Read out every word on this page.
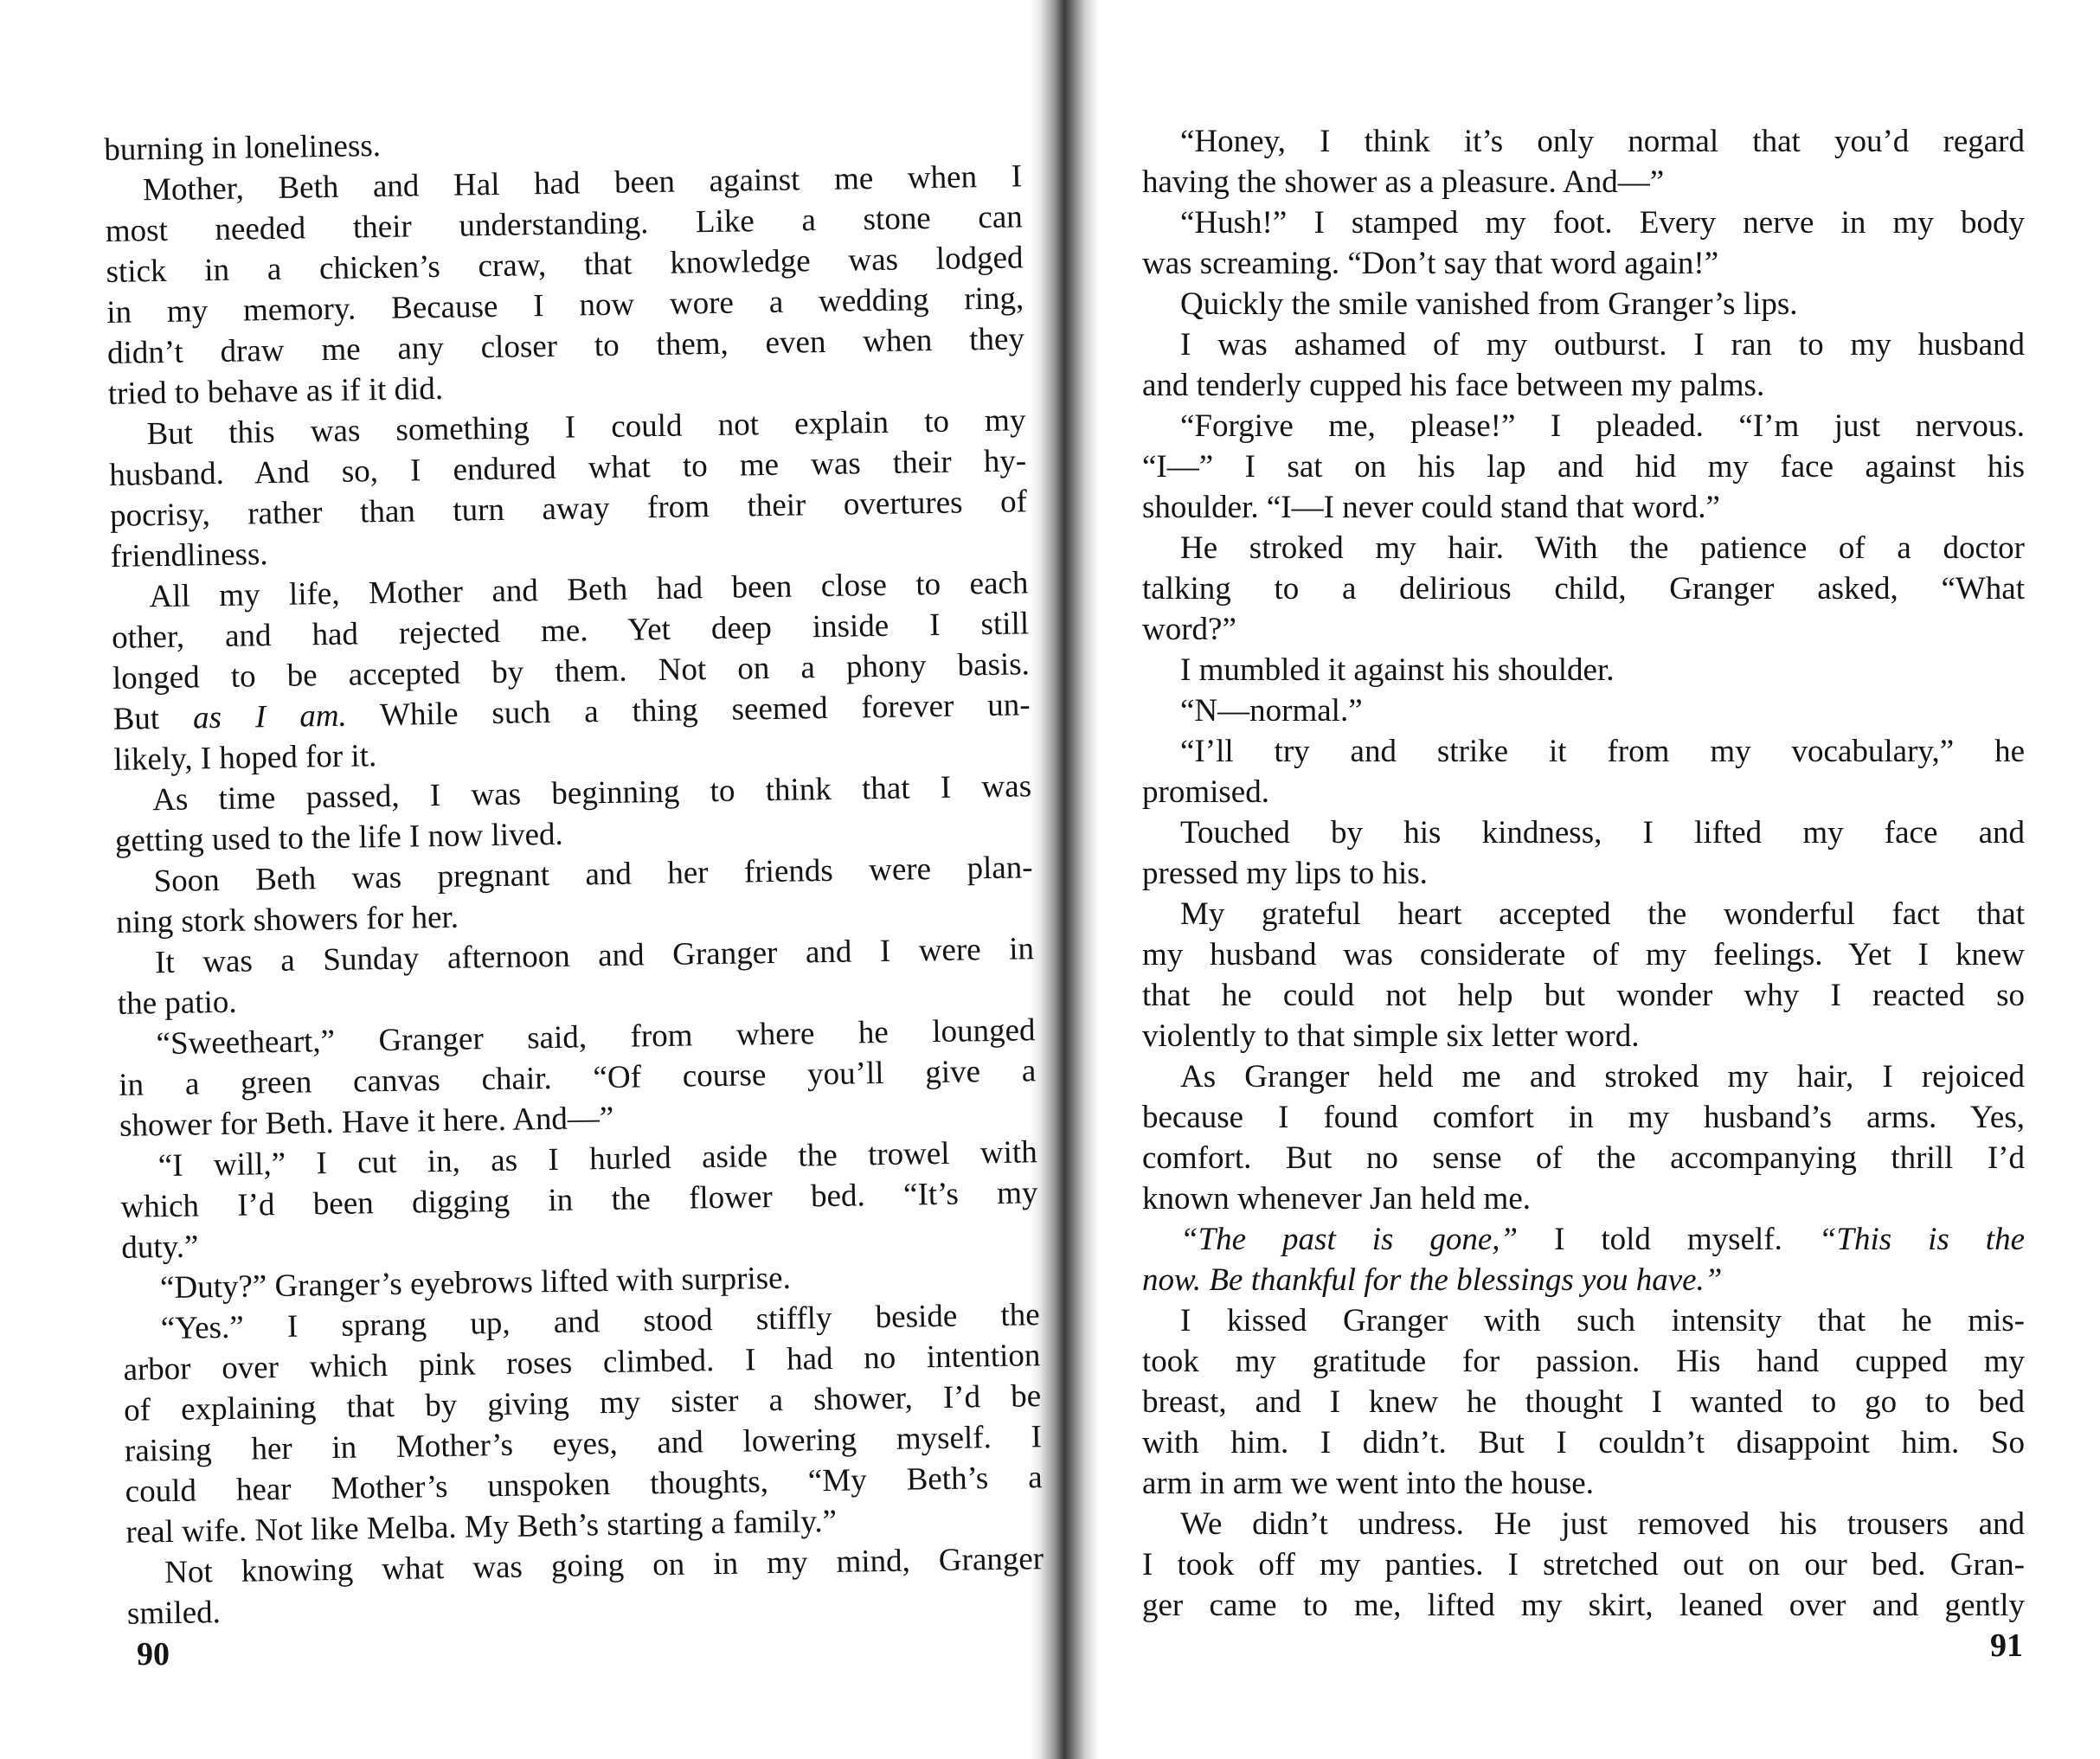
burning in loneliness.
Mother, Beth and Hal had been against me when I
most needed their understanding. Like a stone can
stick in a chicken’s craw, that knowledge was lodged
in my memory. Because I now wore a wedding ring,
didn’t draw me any closer to them, even when they
tried to behave as if it did.
But this was something I could not explain to my
husband. And so, I endured what to me was their hy-
pocrisy, rather than turn away from their overtures of
friendliness.
All my life, Mother and Beth had been close to each
other, and had rejected me. Yet deep inside I still
longed to be accepted by them. Not on a phony basis.
But as I am. While such a thing seemed forever un-
likely, I hoped for it.
As time passed, I was beginning to think that I was
getting used to the life I now lived.
Soon Beth was pregnant and her friends were plan-
ning stork showers for her.
It was a Sunday afternoon and Granger and I were in
the patio.
“Sweetheart,” Granger said, from where he lounged
in a green canvas chair. “Of course you’ll give a
shower for Beth. Have it here. And—”
“I will,” I cut in, as I hurled aside the trowel with
which I’d been digging in the flower bed. “It’s my
duty.”
“Duty?” Granger’s eyebrows lifted with surprise.
“Yes.” I sprang up, and stood stiffly beside the
arbor over which pink roses climbed. I had no intention
of explaining that by giving my sister a shower, I’d be
raising her in Mother’s eyes, and lowering myself. I
could hear Mother’s unspoken thoughts, “My Beth’s a
real wife. Not like Melba. My Beth’s starting a family.”
Not knowing what was going on in my mind, Granger
smiled.
“Honey, I think it’s only normal that you’d regard
having the shower as a pleasure. And—”
“Hush!” I stamped my foot. Every nerve in my body
was screaming. “Don’t say that word again!”
Quickly the smile vanished from Granger’s lips.
I was ashamed of my outburst. I ran to my husband
and tenderly cupped his face between my palms.
“Forgive me, please!” I pleaded. “I’m just nervous.
“I—” I sat on his lap and hid my face against his
shoulder. “I—I never could stand that word.”
He stroked my hair. With the patience of a doctor
talking to a delirious child, Granger asked, “What
word?”
I mumbled it against his shoulder.
“N—normal.”
“I’ll try and strike it from my vocabulary,” he
promised.
Touched by his kindness, I lifted my face and
pressed my lips to his.
My grateful heart accepted the wonderful fact that
my husband was considerate of my feelings. Yet I knew
that he could not help but wonder why I reacted so
violently to that simple six letter word.
As Granger held me and stroked my hair, I rejoiced
because I found comfort in my husband’s arms. Yes,
comfort. But no sense of the accompanying thrill I’d
known whenever Jan held me.
“The past is gone,” I told myself. “This is the
now. Be thankful for the blessings you have.”
I kissed Granger with such intensity that he mis-
took my gratitude for passion. His hand cupped my
breast, and I knew he thought I wanted to go to bed
with him. I didn’t. But I couldn’t disappoint him. So
arm in arm we went into the house.
We didn’t undress. He just removed his trousers and
I took off my panties. I stretched out on our bed. Gran-
ger came to me, lifted my skirt, leaned over and gently
90	91
